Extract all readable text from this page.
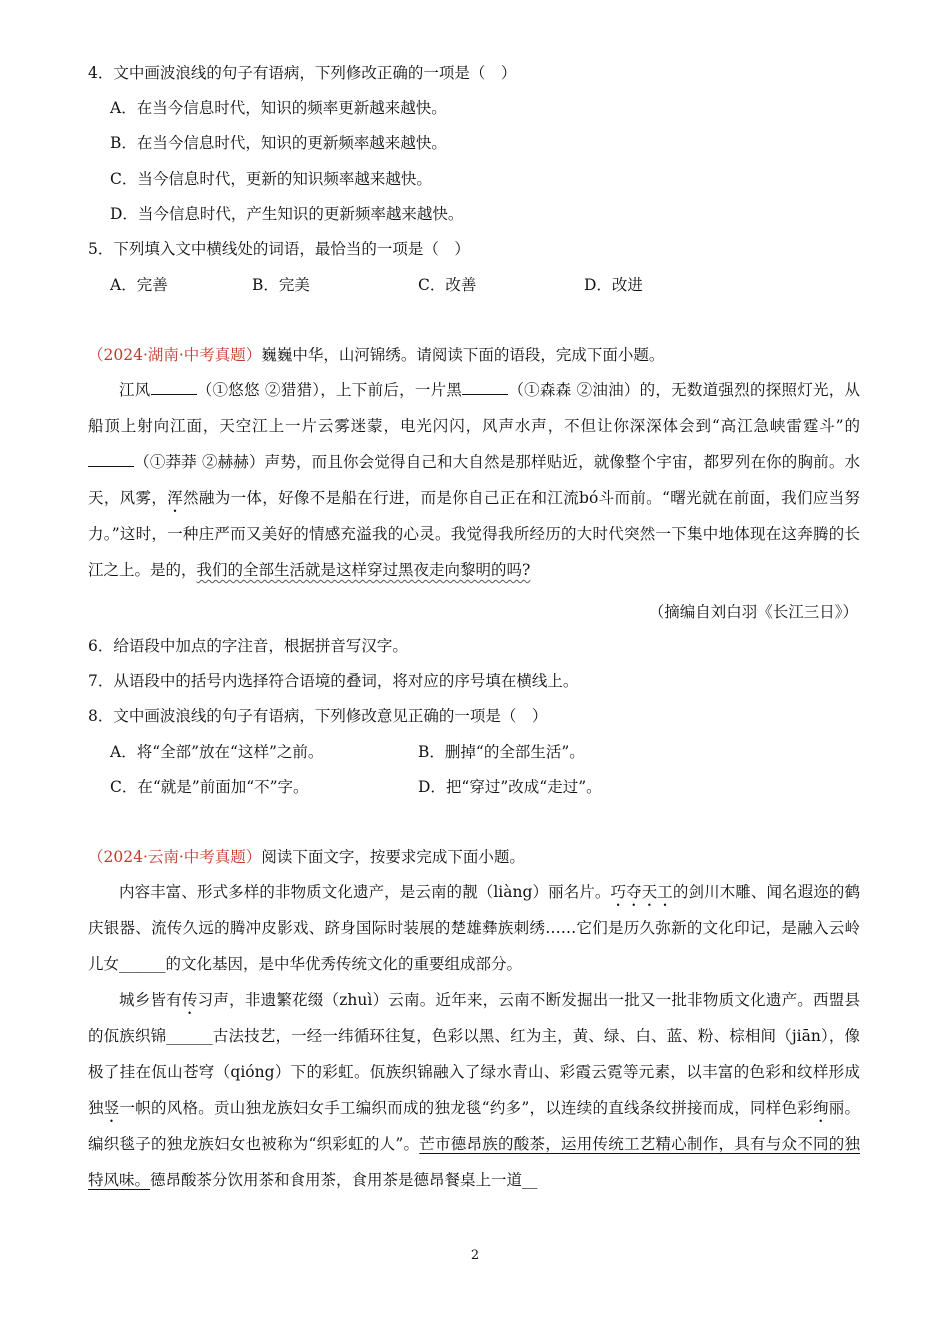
4．文中画波浪线的句子有语病，下列修改正确的一项是（　）
A．在当今信息时代，知识的频率更新越来越快。
B．在当今信息时代，知识的更新频率越来越快。
C．当今信息时代，更新的知识频率越来越快。
D．当今信息时代，产生知识的更新频率越来越快。
5．下列填入文中横线处的词语，最恰当的一项是（　）
A．完善	B．完美	C．改善	D．改进
（2024·湖南·中考真题）巍巍中华，山河锦绣。请阅读下面的语段，完成下面小题。
江风	（①悠悠 ②猎猎），上下前后，一片黑	（①森森 ②油油）的，无数道强烈的探照灯光，从船顶上射向江面，天空江上一片云雾迷蒙，电光闪闪，风声水声，不但让你深深体会到“高江急峡雷霆斗”的（①莽莽 ②赫赫）声势，而且你会觉得自己和大自然是那样贴近，就像整个宇宙，都罗列在你的胸前。水天，风雾，浑然融为一体，好像不是船在行进，而是你自己正在和江流bó斗而前。“曙光就在前面，我们应当努力。”这时，一种庄严而又美好的情感充溢我的心灵。我觉得我所经历的大时代突然一下集中地体现在这奔腾的长江之上。是的，我们的全部生活就是这样穿过黑夜走向黎明的吗?
（摘编自刘白羽《长江三日》）
6．给语段中加点的字注音，根据拼音写汉字。
7．从语段中的括号内选择符合语境的叠词，将对应的序号填在横线上。
8．文中画波浪线的句子有语病，下列修改意见正确的一项是（　）
A．将“全部”放在“这样”之前。	B．删掉“的全部生活”。
C．在“就是”前面加“不”字。	D．把“穿过”改成“走过”。
（2024·云南·中考真题）阅读下面文字，按要求完成下面小题。
内容丰富、形式多样的非物质文化遗产，是云南的靓（liàng）丽名片。巧夺天工的剑川木雕、闻名遐迩的鹤庆银器、流传久远的腾冲皮影戏、跻身国际时装展的楚雄彝族刺绣……它们是历久弥新的文化印记，是融入云岭儿女______的文化基因，是中华优秀传统文化的重要组成部分。
城乡皆有传习声，非遗繁花缀（zhuì）云南。近年来，云南不断发掘出一批又一批非物质文化遗产。西盟县的佤族织锦______古法技艺，一经一纬循环往复，色彩以黑、红为主，黄、绿、白、蓝、粉、棕相间（jiān），像极了挂在佤山苍穹（qióng）下的彩虹。佤族织锦融入了绿水青山、彩霞云霓等元素，以丰富的色彩和纹样形成独竖一帜的风格。贡山独龙族妇女手工编织而成的独龙毯“约多”，以连续的直线条纹拼接而成，同样色彩绚丽。编织毯子的独龙族妇女也被称为“织彩虹的人”。芒市德昂族的酸茶，运用传统工艺精心制作，具有与众不同的独特风味。德昂酸茶分饮用茶和食用茶，食用茶是德昂餐桌上一道__
2
